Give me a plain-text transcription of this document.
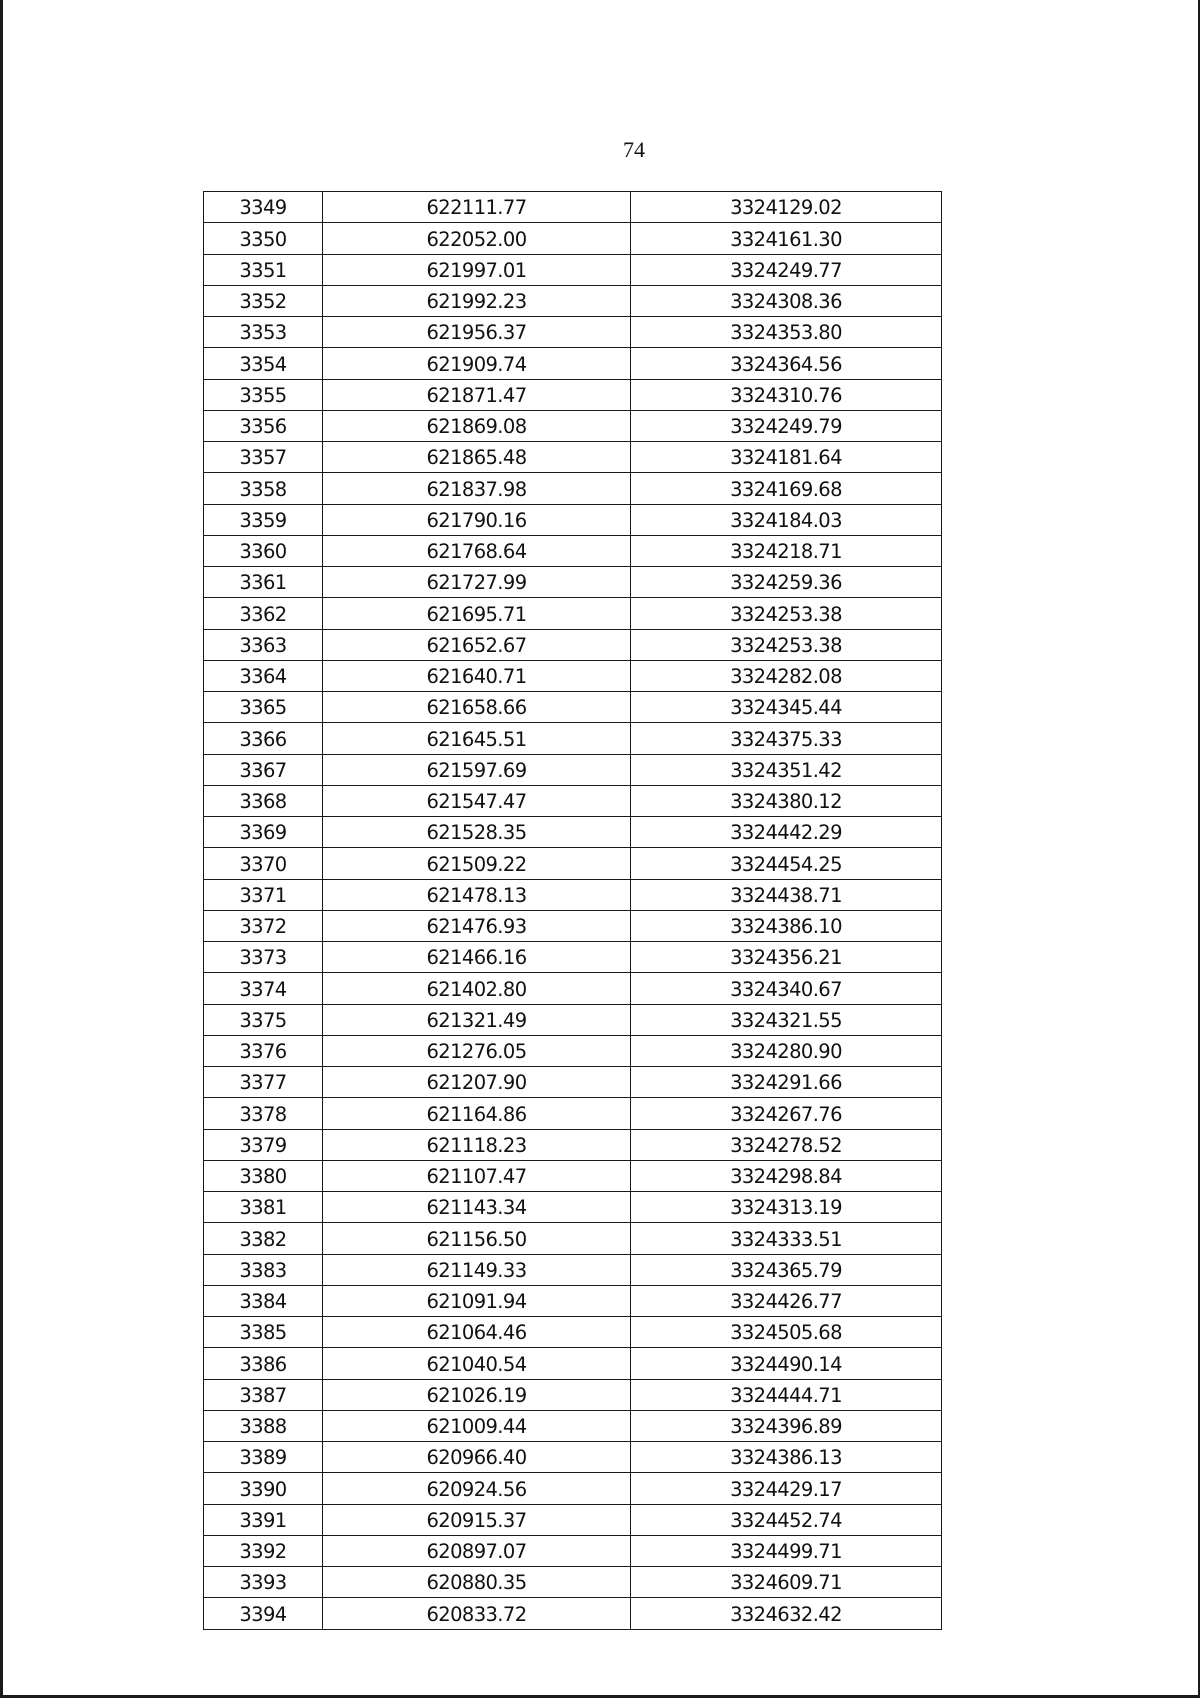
74
3349	622111.77	3324129.02
3350	622052.00	3324161.30
3351	621997.01	3324249.77
3352	621992.23	3324308.36
3353	621956.37	3324353.80
3354	621909.74	3324364.56
3355	621871.47	3324310.76
3356	621869.08	3324249.79
3357	621865.48	3324181.64
3358	621837.98	3324169.68
3359	621790.16	3324184.03
3360	621768.64	3324218.71
3361	621727.99	3324259.36
3362	621695.71	3324253.38
3363	621652.67	3324253.38
3364	621640.71	3324282.08
3365	621658.66	3324345.44
3366	621645.51	3324375.33
3367	621597.69	3324351.42
3368	621547.47	3324380.12
3369	621528.35	3324442.29
3370	621509.22	3324454.25
3371	621478.13	3324438.71
3372	621476.93	3324386.10
3373	621466.16	3324356.21
3374	621402.80	3324340.67
3375	621321.49	3324321.55
3376	621276.05	3324280.90
3377	621207.90	3324291.66
3378	621164.86	3324267.76
3379	621118.23	3324278.52
3380	621107.47	3324298.84
3381	621143.34	3324313.19
3382	621156.50	3324333.51
3383	621149.33	3324365.79
3384	621091.94	3324426.77
3385	621064.46	3324505.68
3386	621040.54	3324490.14
3387	621026.19	3324444.71
3388	621009.44	3324396.89
3389	620966.40	3324386.13
3390	620924.56	3324429.17
3391	620915.37	3324452.74
3392	620897.07	3324499.71
3393	620880.35	3324609.71
3394	620833.72	3324632.42
